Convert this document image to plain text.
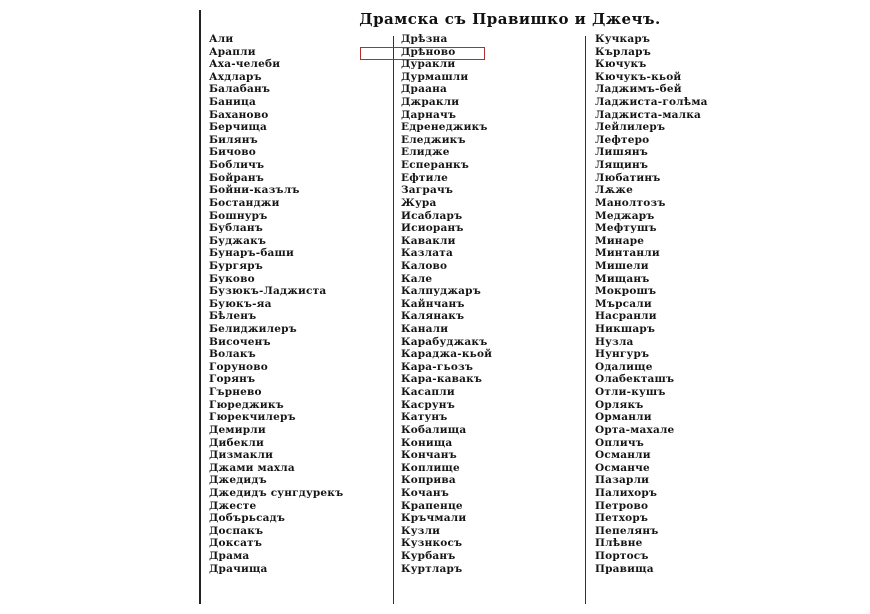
Драмска съ Правишко и Джечъ.
Али
Арапли
Аха-челеби
Ахдларъ
Балабанъ
Баница
Баханово
Берчища
Билянъ
Бичово
Бобличъ
Бойранъ
Бойни-казълъ
Бостанджи
Бошнуръ
Бубланъ
Буджакъ
Бунаръ-баши
Бургяръ
Буково
Бузюкъ-Ладжиста
Буюкъ-яа
Бѣленъ
Белиджилеръ
Височенъ
Волакъ
Горуново
Горянъ
Гърнево
Гюреджикъ
Гюрекчилеръ
Демирли
Дибекли
Дизмакли
Джами махла
Джедидъ
Джедидъ сунгдурекъ
Джесте
Добърьсадъ
Доспакъ
Доксатъ
Драма
Драчища
Дрѣзна
Дрѣново
Дуракли
Дурмашли
Драана
Джракли
Дарначъ
Едренеджикъ
Еледжикъ
Елидже
Есперанкъ
Ефтиле
Заграчъ
Жура
Исабларъ
Исиоранъ
Кавакли
Казлата
Калово
Кале
Калпуджаръ
Кайнчанъ
Калянакъ
Канали
Карабуджакъ
Караджа-кьой
Кара-гьозъ
Кара-кавакъ
Касапли
Касрунъ
Катунъ
Кобалища
Конища
Кончанъ
Коплище
Коприва
Кочанъ
Крапенце
Кръчмали
Кузли
Кузнкосъ
Курбанъ
Куртларъ
Кучкаръ
Кърларъ
Кючукъ
Кючукъ-кьой
Ладжимъ-бей
Ладжиста-голѣма
Ладжиста-малка
Лейлилеръ
Лефтеро
Лишянъ
Лящинъ
Любатинъ
Лѫже
Манолтозъ
Меджаръ
Мефтушъ
Минаре
Минтанли
Мишели
Мищанъ
Мокрошъ
Мърсали
Насранли
Никшаръ
Нузла
Нунгуръ
Одалище
Олабекташъ
Отли-кушъ
Орлякъ
Орманли
Орта-махале
Опличъ
Османли
Османче
Пазарли
Палихоръ
Петрово
Петхоръ
Пепелянъ
Плѣвне
Портосъ
Правища
